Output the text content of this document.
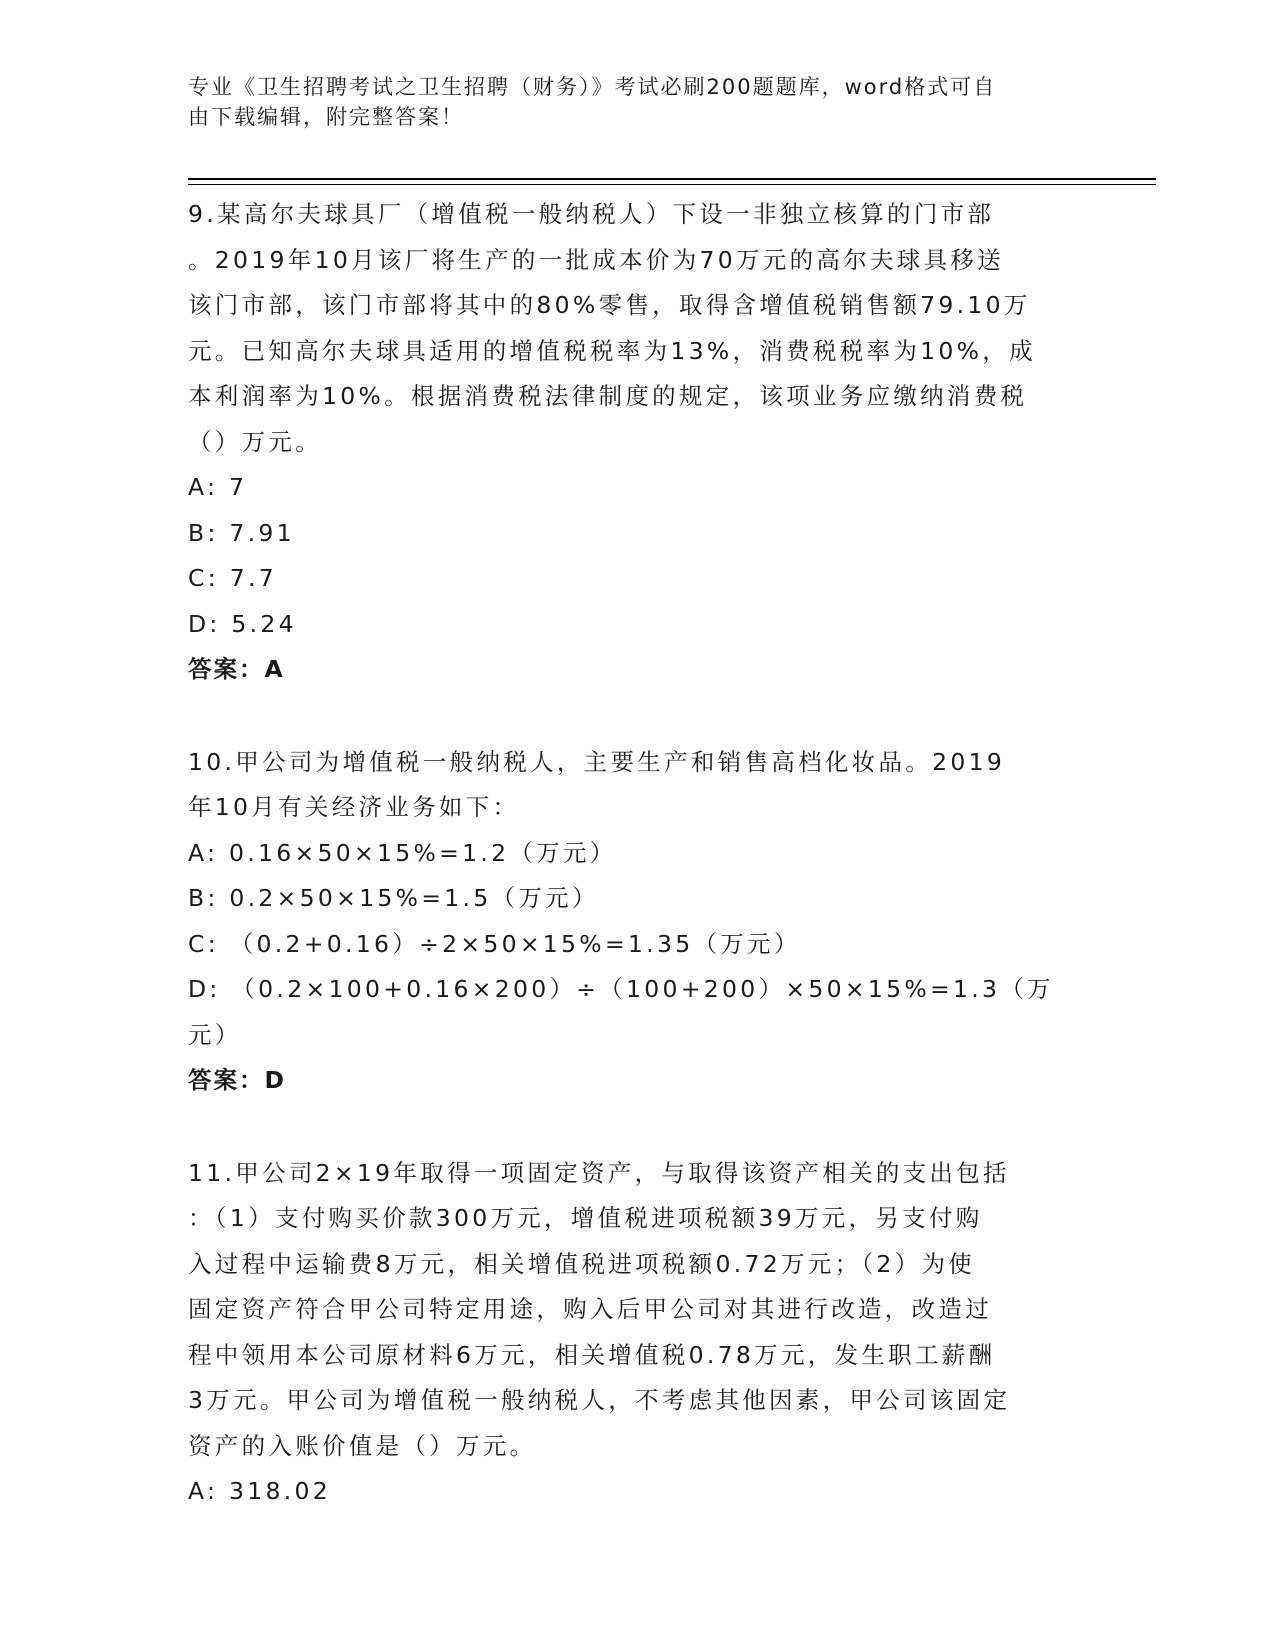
专业《卫生招聘考试之卫生招聘（财务）》考试必刷200题题库，word格式可自
由下载编辑，附完整答案！
9.某高尔夫球具厂（增值税一般纳税人）下设一非独立核算的门市部
。2019年10月该厂将生产的一批成本价为70万元的高尔夫球具移送
该门市部，该门市部将其中的80%零售，取得含增值税销售额79.10万
元。已知高尔夫球具适用的增值税税率为13%，消费税税率为10%，成
本利润率为10%。根据消费税法律制度的规定，该项业务应缴纳消费税
（）万元。
A: 7
B: 7.91
C: 7.7
D: 5.24
答案：A
10.甲公司为增值税一般纳税人，主要生产和销售高档化妆品。2019
年10月有关经济业务如下：
A: 0.16×50×15%=1.2（万元）
B: 0.2×50×15%=1.5（万元）
C: （0.2+0.16）÷2×50×15%=1.35（万元）
D: （0.2×100+0.16×200）÷（100+200）×50×15%=1.3（万元）
答案：D
11.甲公司2×19年取得一项固定资产，与取得该资产相关的支出包括
：（1）支付购买价款300万元，增值税进项税额39万元，另支付购
入过程中运输费8万元，相关增值税进项税额0.72万元；（2）为使
固定资产符合甲公司特定用途，购入后甲公司对其进行改造，改造过
程中领用本公司原材料6万元，相关增值税0.78万元，发生职工薪酬
3万元。甲公司为增值税一般纳税人，不考虑其他因素，甲公司该固定
资产的入账价值是（）万元。
A: 318.02
